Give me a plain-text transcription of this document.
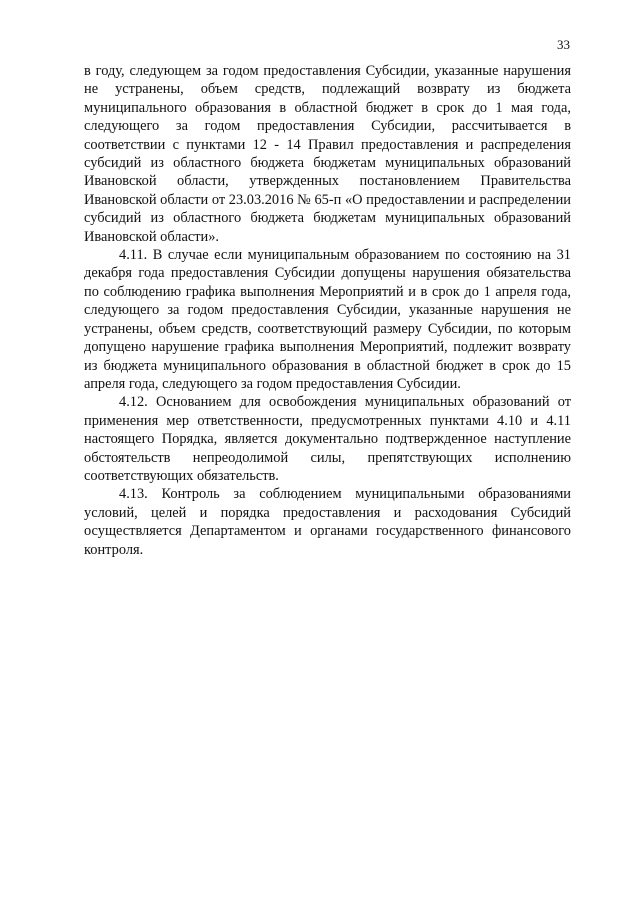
33

в году, следующем за годом предоставления Субсидии, указанные нарушения не устранены, объем средств, подлежащий возврату из бюджета муниципального образования в областной бюджет в срок до 1 мая года, следующего за годом предоставления Субсидии, рассчитывается в соответствии с пунктами 12 - 14 Правил предоставления и распределения субсидий из областного бюджета бюджетам муниципальных образований Ивановской области, утвержденных постановлением Правительства Ивановской области от 23.03.2016 № 65-п «О предоставлении и распределении субсидий из областного бюджета бюджетам муниципальных образований Ивановской области».

4.11. В случае если муниципальным образованием по состоянию на 31 декабря года предоставления Субсидии допущены нарушения обязательства по соблюдению графика выполнения Мероприятий и в срок до 1 апреля года, следующего за годом предоставления Субсидии, указанные нарушения не устранены, объем средств, соответствующий размеру Субсидии, по которым допущено нарушение графика выполнения Мероприятий, подлежит возврату из бюджета муниципального образования в областной бюджет в срок до 15 апреля года, следующего за годом предоставления Субсидии.

4.12. Основанием для освобождения муниципальных образований от применения мер ответственности, предусмотренных пунктами 4.10 и 4.11 настоящего Порядка, является документально подтвержденное наступление обстоятельств непреодолимой силы, препятствующих исполнению соответствующих обязательств.

4.13. Контроль за соблюдением муниципальными образованиями условий, целей и порядка предоставления и расходования Субсидий осуществляется Департаментом и органами государственного финансового контроля.
